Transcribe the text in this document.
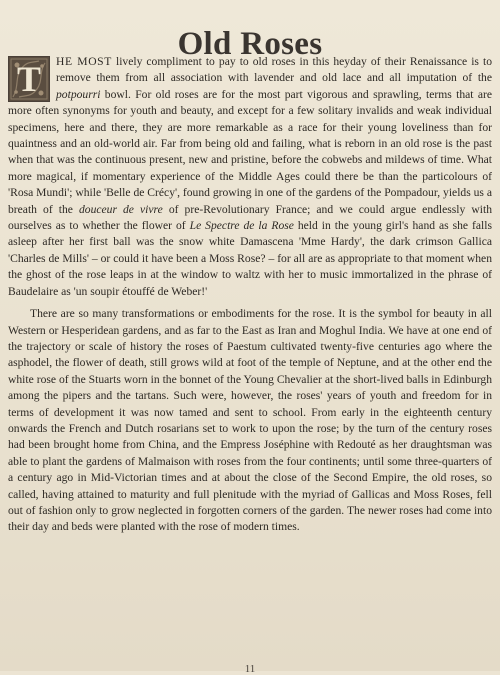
Old Roses

T	HE MOST lively compliment to pay to old roses in this heyday of their Renaissance is to remove them from all association with lavender and old lace and all imputation of the potpourri bowl. For old roses are for the most part vigorous and sprawling, terms that are more often synonyms for youth and beauty, and except for a few solitary invalids and weak individual specimens, here and there, they are more remarkable as a race for their young loveliness than for quaintness and an old-world air. Far from being old and failing, what is reborn in an old rose is the past when that was the continuous present, new and pristine, before the cobwebs and mildews of time. What more magical, if momentary experience of the Middle Ages could there be than the particolours of 'Rosa Mundi'; while 'Belle de Crécy', found growing in one of the gardens of the Pompadour, yields us a breath of the douceur de vivre of pre-Revolutionary France; and we could argue endlessly with ourselves as to whether the flower of Le Spectre de la Rose held in the young girl's hand as she falls asleep after her first ball was the snow white Damascena 'Mme Hardy', the dark crimson Gallica 'Charles de Mills' – or could it have been a Moss Rose? – for all are as appropriate to that moment when the ghost of the rose leaps in at the window to waltz with her to music immortalized in the phrase of Baudelaire as 'un soupir étouffé de Weber!'

There are so many transformations or embodiments for the rose. It is the symbol for beauty in all Western or Hesperidean gardens, and as far to the East as Iran and Moghul India. We have at one end of the trajectory or scale of history the roses of Paestum cultivated twenty-five centuries ago where the asphodel, the flower of death, still grows wild at foot of the temple of Neptune, and at the other end the white rose of the Stuarts worn in the bonnet of the Young Chevalier at the short-lived balls in Edinburgh among the pipers and the tartans. Such were, however, the roses' years of youth and freedom for in terms of development it was now tamed and sent to school. From early in the eighteenth century onwards the French and Dutch rosarians set to work to upon the rose; by the turn of the century roses had been brought home from China, and the Empress Joséphine with Redouté as her draughtsman was able to plant the gardens of Malmaison with roses from the four continents; until some three-quarters of a century ago in Mid-Victorian times and at about the close of the Second Empire, the old roses, so called, having attained to maturity and full plenitude with the myriad of Gallicas and Moss Roses, fell out of fashion only to grow neglected in forgotten corners of the garden. The newer roses had come into their day and beds were planted with the rose of modern times.

11
